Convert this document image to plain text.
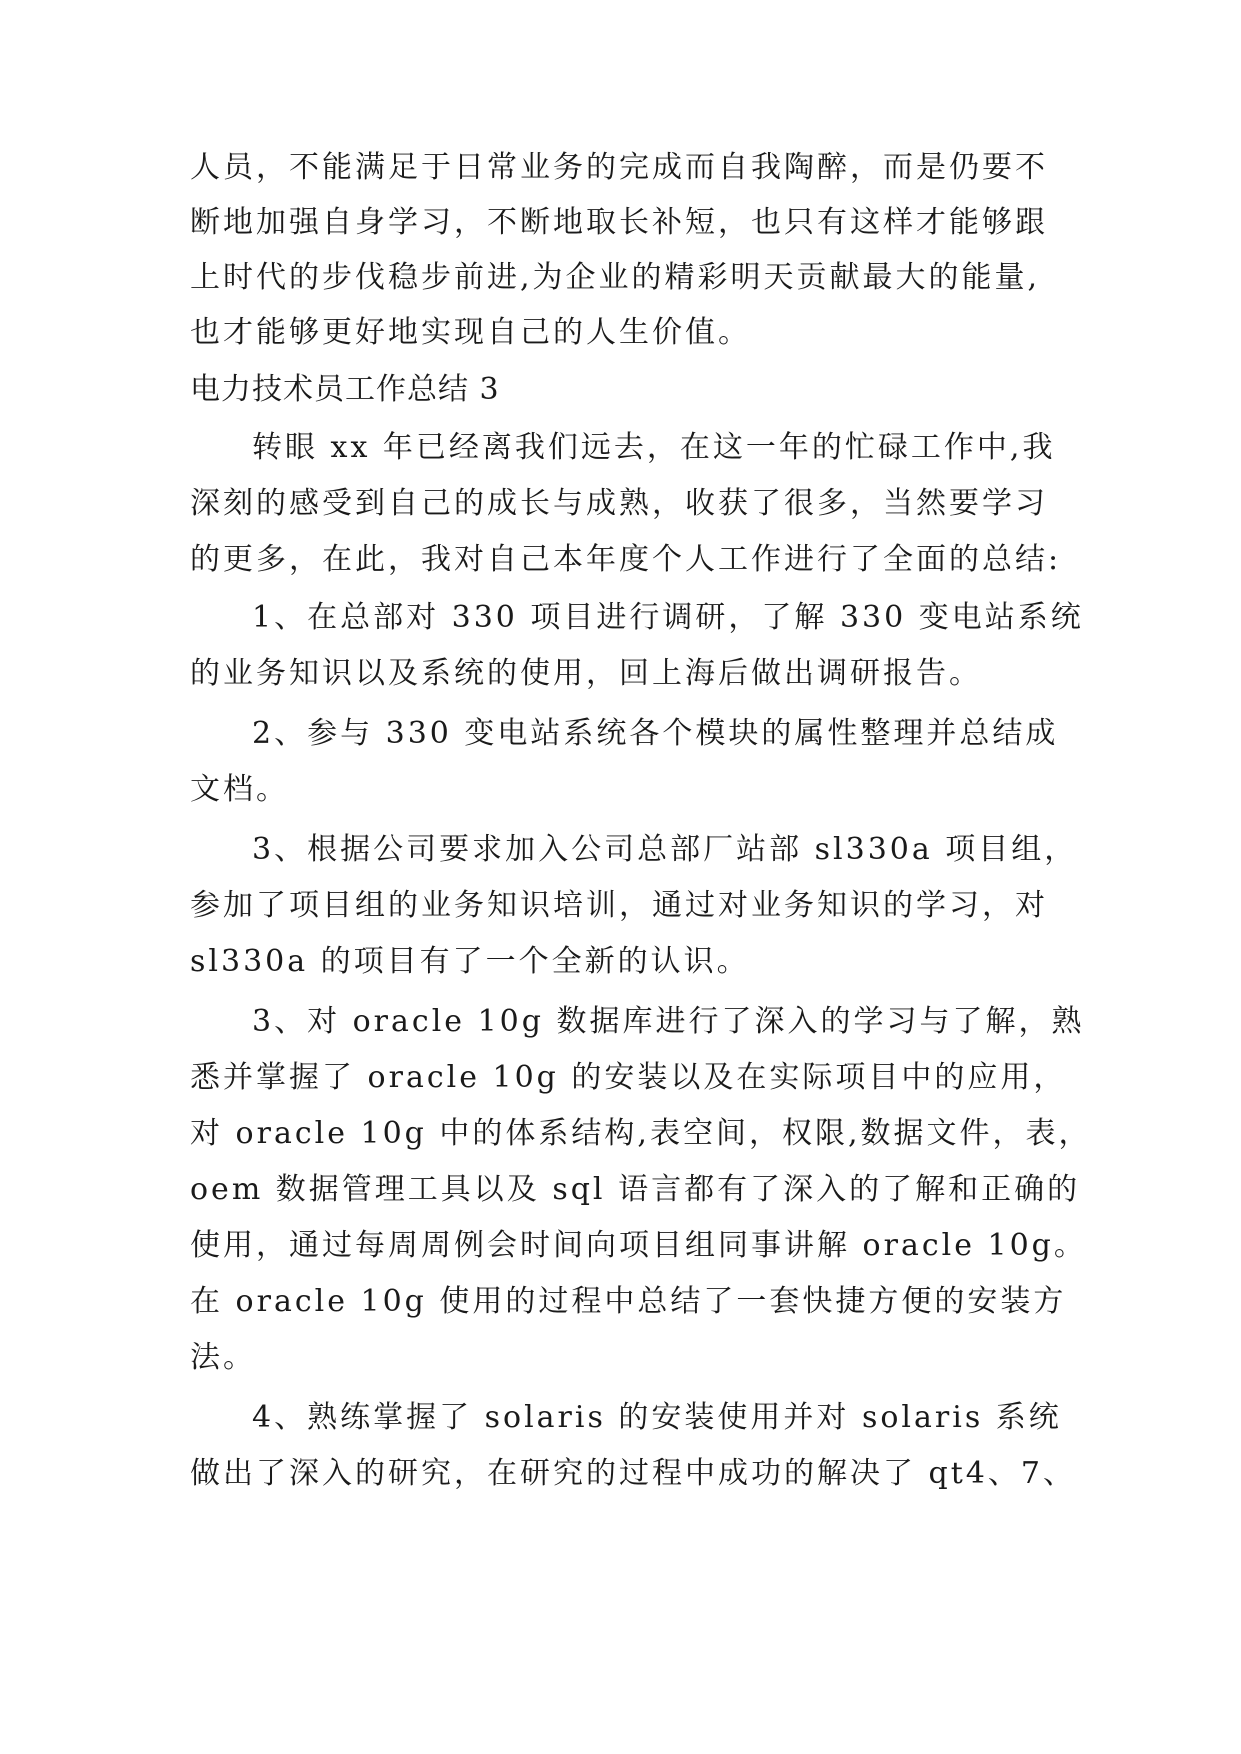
人员，不能满足于日常业务的完成而自我陶醉，而是仍要不
断地加强自身学习，不断地取长补短，也只有这样才能够跟
上时代的步伐稳步前进,为企业的精彩明天贡献最大的能量,
也才能够更好地实现自己的人生价值。
电力技术员工作总结 3
转眼 xx 年已经离我们远去，在这一年的忙碌工作中,我
深刻的感受到自己的成长与成熟，收获了很多，当然要学习
的更多，在此，我对自己本年度个人工作进行了全面的总结:
1、在总部对 330 项目进行调研，了解 330 变电站系统
的业务知识以及系统的使用，回上海后做出调研报告。
2、参与 330 变电站系统各个模块的属性整理并总结成
文档。
3、根据公司要求加入公司总部厂站部 sl330a 项目组，
参加了项目组的业务知识培训，通过对业务知识的学习，对
sl330a 的项目有了一个全新的认识。
3、对 oracle 10g 数据库进行了深入的学习与了解，熟
悉并掌握了 oracle 10g 的安装以及在实际项目中的应用，
对 oracle 10g 中的体系结构,表空间，权限,数据文件，表，
oem 数据管理工具以及 sql 语言都有了深入的了解和正确的
使用，通过每周周例会时间向项目组同事讲解 oracle 10g。
在 oracle 10g 使用的过程中总结了一套快捷方便的安装方
法。
4、熟练掌握了 solaris 的安装使用并对 solaris 系统
做出了深入的研究，在研究的过程中成功的解决了 qt4、7、
